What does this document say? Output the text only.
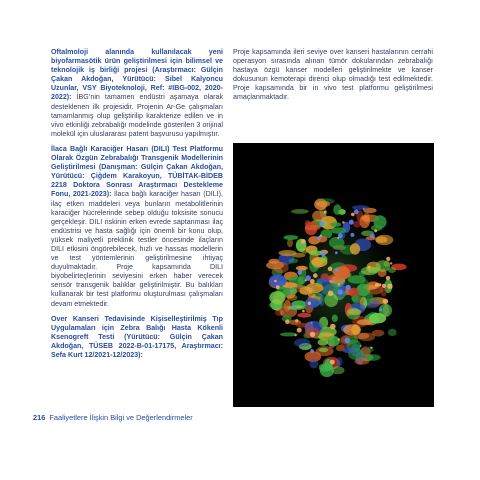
Oftalmoloji alanında kullanılacak yeni biyofarmasötik ürün geliştirilmesi için bilimsel ve teknolojik iş birliği projesi (Araştırmacı: Gülçin Çakan Akdoğan, Yürütücü: Sibel Kalyoncu Uzunlar, VSY Biyoteknoloji, Ref: #IBG-002, 2020-2022): İBG’nin tamamen endüstri aşamaya olarak desteklenen ilk projesidir. Projenin Ar-Ge çalışmaları tamamlanmış olup geliştirilip karakterize edilen ve in vivo etkinliği zebrabalığı modelinde gösterilen 3 orijinal molekül için uluslararası patent başvurusu yapılmıştır.

İlaca Bağlı Karaciğer Hasarı (DILI) Test Platformu Olarak Özgün Zebrabalığı Transgenik Modellerinin Geliştirilmesi (Danışman: Gülçin Çakan Akdoğan, Yürütücü: Çiğdem Karakoyun, TÜBİTAK-BİDEB 2218 Doktora Sonrası Araştırmacı Destekleme Fonu, 2021-2023): İlaca bağlı karaciğer hasarı (DILI), ilaç etken maddeleri veya bunların metabolitlerinin karaciğer hücrelerinde sebep olduğu toksisite sonucu gerçekleşir. DILI riskinin erken evrede saptanması ilaç endüstrisi ve hasta sağlığı için önemli bir konu olup, yüksek maliyetli preklinik testler öncesinde ilaçların DILI etkisini öngörebilecek, hızlı ve hassas modellerin ve test yöntemlerinin geliştirilmesine ihtiyaç duyulmaktadır. Proje kapsamında DILI biyobelirteçlerinin seviyesini erken haber verecek sensör transgenik balıklar geliştirilmiştir. Bu balıkları kullanarak bir test platformu oluşturulması çalışmaları devam etmektedir.

Over Kanseri Tedavisinde Kişiselleştirilmiş Tıp Uygulamaları için Zebra Balığı Hasta Kökenli Ksenogreft Testi (Yürütücü: Gülçin Çakan Akdoğan, TÜSEB 2022-B-01-17175, Araştırmacı: Sefa Kurt 12/2021-12/2023):

Proje kapsamında ileri seviye over kanseri hastalarının cerrahi operasyon sırasında alınan tümör dokularından zebrabalığı hastaya özgü kanser modelleri geliştirilmekte ve kanser dokusunun kemoterapi direnci olup olmadığı test edilmektedir. Proje kapsamında bir in vivo test platformu geliştirilmesi amaçlanmaktadır.

216 Faaliyetlere İlişkin Bilgi ve Değerlendirmeler
